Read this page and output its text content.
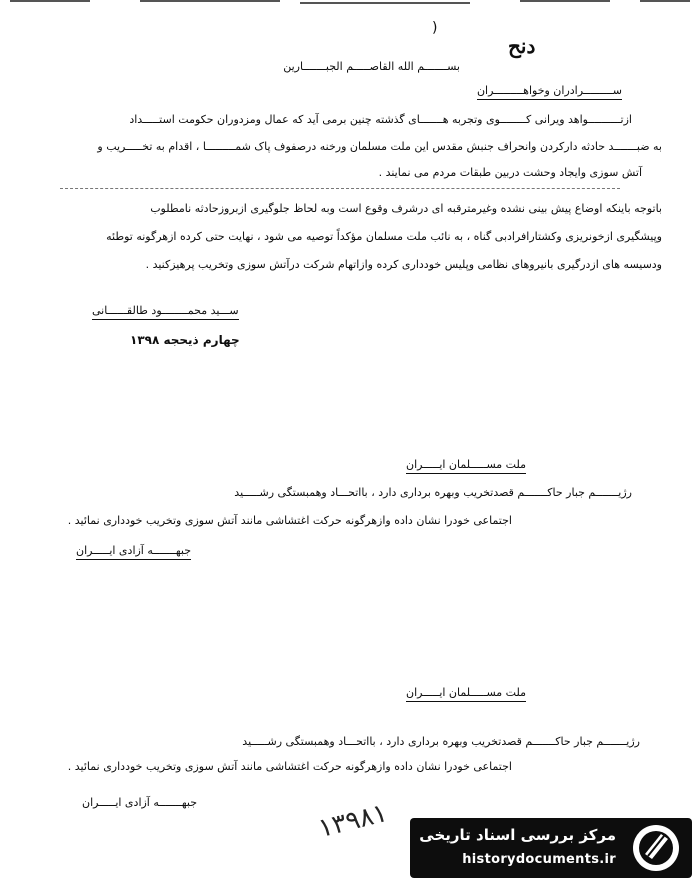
(
دنح
بســـــــم الله القاصـــــم الجبـــــــارين
ســـــــــرادران وخواهـــــــــران
ازتــــــــــواهد ویرانی کــــــــوی وتجربه هـــــــای گذشته چنین برمی آید که عمال ومزدوران حکومت استـــــداد
به ضبـــــــد حادثه دارکردن وانحراف جنبش مقدس این ملت مسلمان ورخنه درصفوف پاک شمـــــــــا ، اقدام به تخـــــریب و
آتش سوزی وایجاد وحشت دربین طبقات مردم می نمایند .
باتوجه باینکه اوضاع پیش بینی نشده وغیرمترقبه ای درشرف وقوع است وبه لحاظ جلوگیری ازبروزحادثه نامطلوب
وپیشگیری ازخونریزی وکشتارافرادبی گناه ، به نائب ملت مسلمان مؤکداً توصیه می شود ، نهایت حتی کرده ازهرگونه توطئه
ودسیسه های ازدرگیری بانیروهای نظامی وپلیس خودداری کرده وازاتهام شرکت درآتش سوزی وتخریب پرهیزکنید .
ســـید محمــــــــود طالقــــــانی
چهارم ذیحجه ۱۳۹۸
ملت مســـــلمان ایـــــران
رژیـــــــم جبار حاکـــــــم قصدتخریب وبهره برداری دارد ، بااتحـــاد وهمبستگی رشـــــید
اجتماعی خودرا نشان داده وازهرگونه حرکت اغتشاشی مانند آتش سوزی وتخریب خودداری نمائید .
جبهـــــــه آزادی ایـــــران
ملت مســـــلمان ایـــــران
رژیـــــــم جبار حاکـــــــم قصدتخریب وبهره برداری دارد ، بااتحـــاد وهمبستگی رشـــــید
اجتماعی خودرا نشان داده وازهرگونه حرکت اغتشاشی مانند آتش سوزی وتخریب خودداری نمائید .
جبهـــــــه آزادی ایـــــران	۱۳۹۸۱ مرکز بررسی اسناد تاریخی
historydocuments.ir
